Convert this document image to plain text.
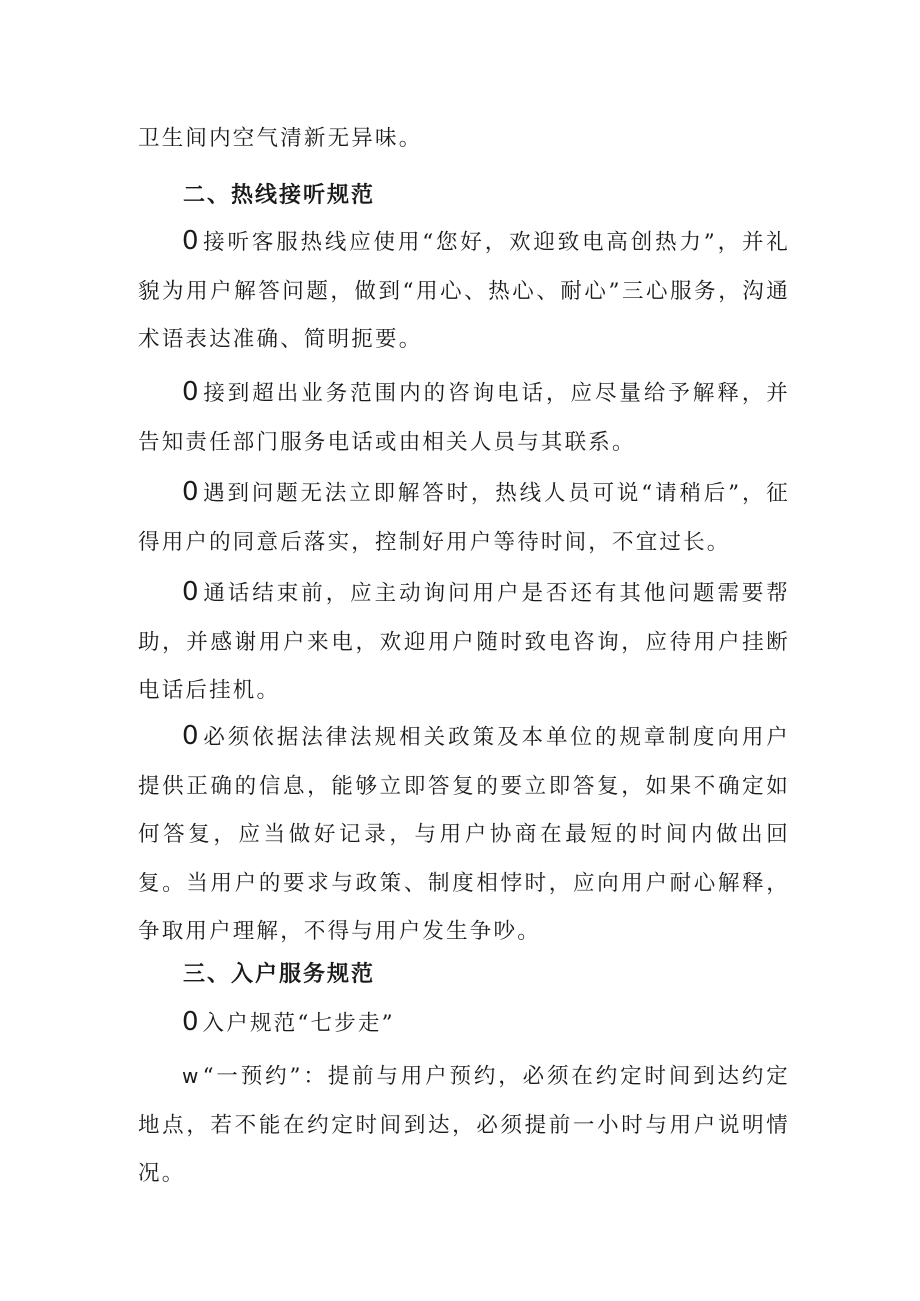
卫生间内空气清新无异味。

二、热线接听规范

0 接听客服热线应使用“您好，欢迎致电高创热力”，并礼貌为用户解答问题，做到“用心、热心、耐心”三心服务，沟通术语表达准确、简明扼要。

0 接到超出业务范围内的咨询电话，应尽量给予解释，并告知责任部门服务电话或由相关人员与其联系。

0 遇到问题无法立即解答时，热线人员可说“请稍后”，征得用户的同意后落实，控制好用户等待时间，不宜过长。

0 通话结束前，应主动询问用户是否还有其他问题需要帮助，并感谢用户来电，欢迎用户随时致电咨询，应待用户挂断电话后挂机。

0 必须依据法律法规相关政策及本单位的规章制度向用户提供正确的信息，能够立即答复的要立即答复，如果不确定如何答复，应当做好记录，与用户协商在最短的时间内做出回复。当用户的要求与政策、制度相悖时，应向用户耐心解释，争取用户理解，不得与用户发生争吵。

三、入户服务规范

0 入户规范“七步走”

w“一预约”：提前与用户预约，必须在约定时间到达约定地点，若不能在约定时间到达，必须提前一小时与用户说明情况。
